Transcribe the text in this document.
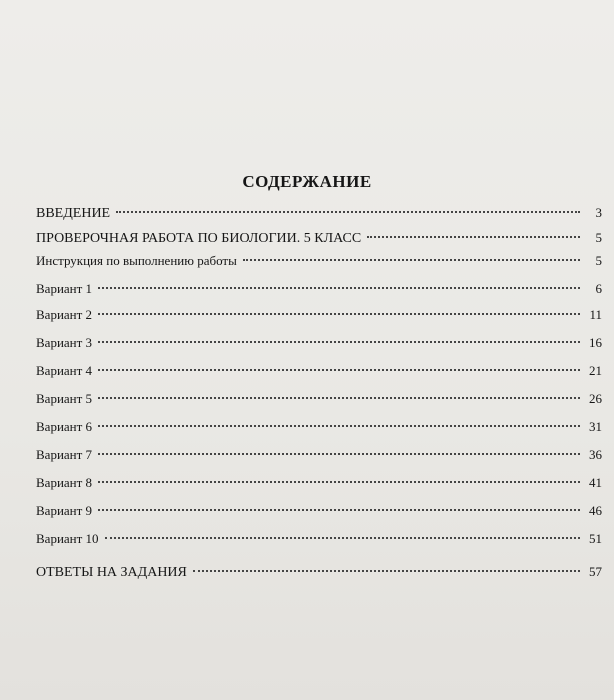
СОДЕРЖАНИЕ
ВВЕДЕНИЕ	3
ПРОВЕРОЧНАЯ РАБОТА ПО БИОЛОГИИ. 5 КЛАСС	5
Инструкция по выполнению работы	5
Вариант 1	6
Вариант 2	11
Вариант 3	16
Вариант 4	21
Вариант 5	26
Вариант 6	31
Вариант 7	36
Вариант 8	41
Вариант 9	46
Вариант 10	51
ОТВЕТЫ НА ЗАДАНИЯ	57
